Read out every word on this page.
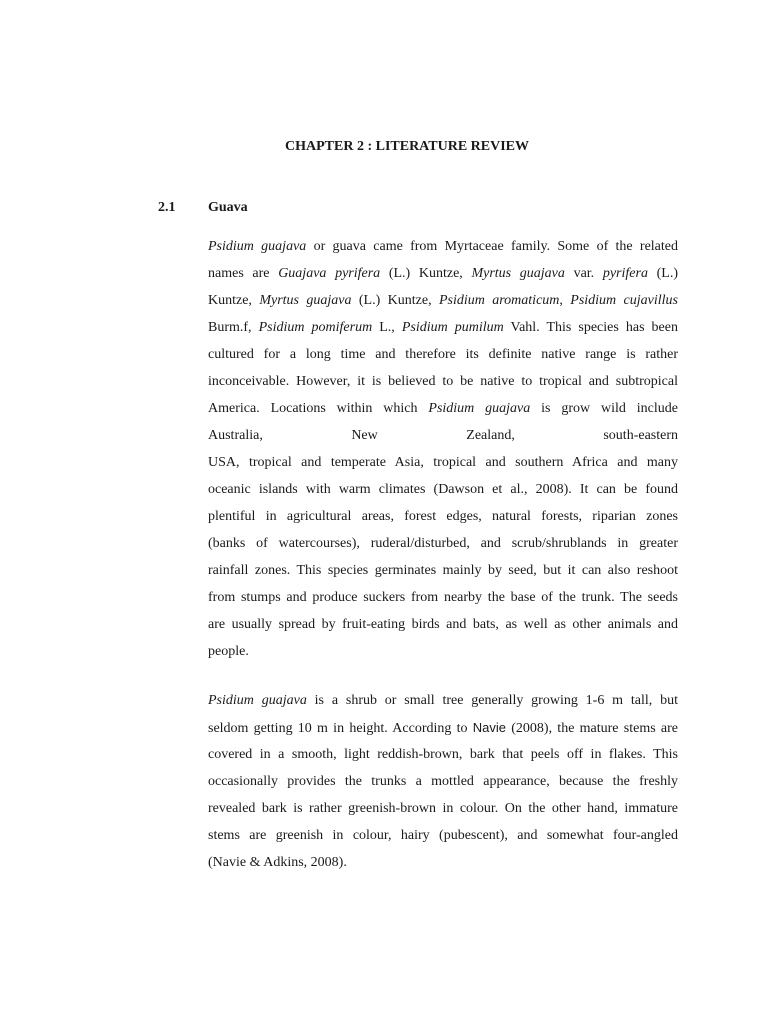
CHAPTER 2 : LITERATURE REVIEW
2.1 Guava
Psidium guajava or guava came from Myrtaceae family. Some of the related
names are Guajava pyrifera (L.) Kuntze, Myrtus guajava var. pyrifera (L.)
Kuntze, Myrtus guajava (L.) Kuntze, Psidium aromaticum, Psidium cujavillus
Burm.f, Psidium pomiferum L., Psidium pumilum Vahl. This species has been
cultured for a long time and therefore its definite native range is rather
inconceivable. However, it is believed to be native to tropical and subtropical
America. Locations within which Psidium guajava is grow wild include
Australia, New Zealand, south-eastern
USA, tropical and temperate Asia, tropical and southern Africa and many
oceanic islands with warm climates (Dawson et al., 2008). It can be found
plentiful in agricultural areas, forest edges, natural forests, riparian zones
(banks of watercourses), ruderal/disturbed, and scrub/shrublands in greater
rainfall zones. This species germinates mainly by seed, but it can also reshoot
from stumps and produce suckers from nearby the base of the trunk. The seeds
are usually spread by fruit-eating birds and bats, as well as other animals and
people.
Psidium guajava is a shrub or small tree generally growing 1-6 m tall, but
seldom getting 10 m in height. According to Navie (2008), the mature stems are
covered in a smooth, light reddish-brown, bark that peels off in flakes. This
occasionally provides the trunks a mottled appearance, because the freshly
revealed bark is rather greenish-brown in colour. On the other hand, immature
stems are greenish in colour, hairy (pubescent), and somewhat four-angled
(Navie & Adkins, 2008).
